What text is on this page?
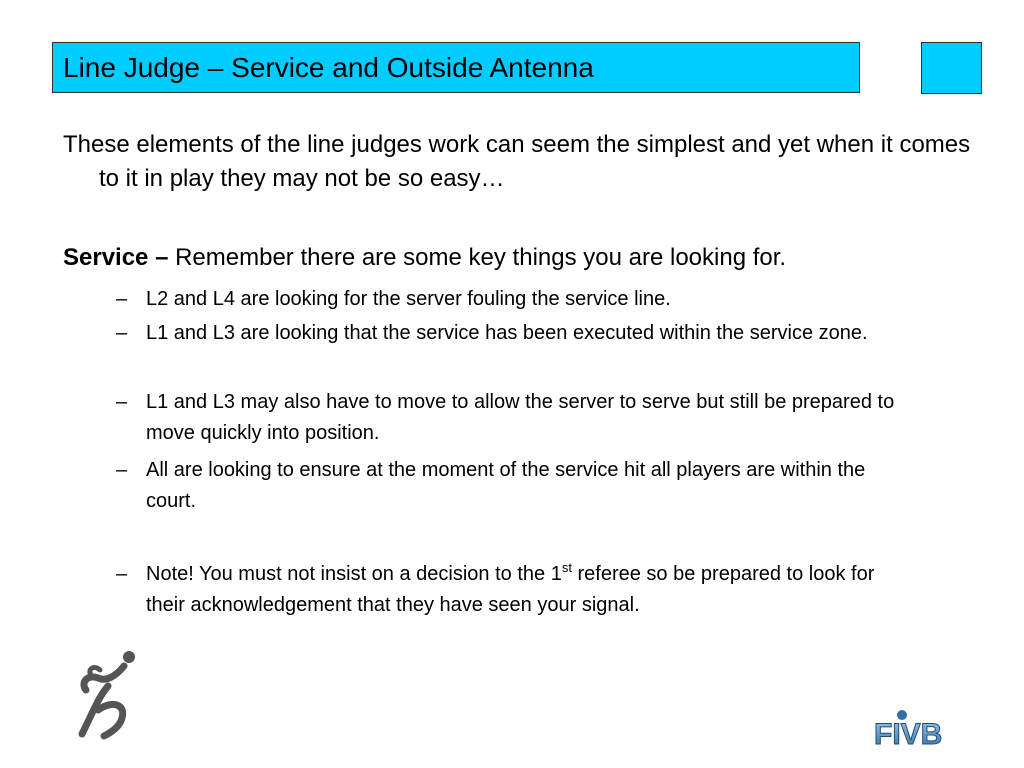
Line Judge – Service and Outside Antenna
These elements of the line judges work can seem the simplest and yet when it comes to it in play they may not be so easy…
Service – Remember there are some key things you are looking for.
– L2 and L4 are looking for the server fouling the service line.
– L1 and L3 are looking that the service has been executed within the service zone.
– L1 and L3 may also have to move to allow the server to serve but still be prepared to move quickly into position.
– All are looking to ensure at the moment of the service hit all players are within the court.
– Note! You must not insist on a decision to the 1st referee so be prepared to look for their acknowledgement that they have seen your signal.
FIVB
